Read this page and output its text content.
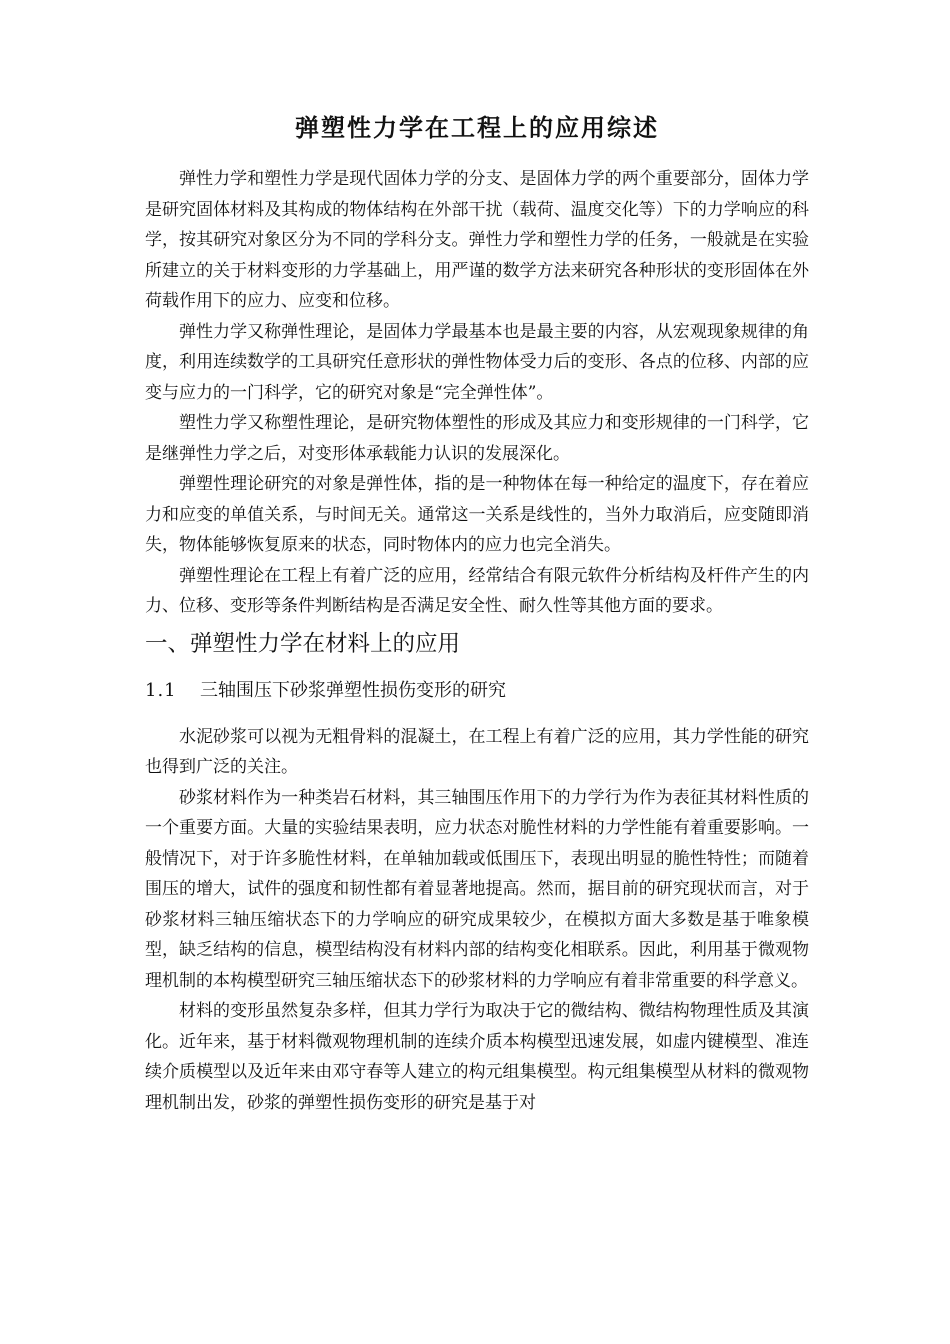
弹塑性力学在工程上的应用综述

弹性力学和塑性力学是现代固体力学的分支、是固体力学的两个重要部分，固体力学是研究固体材料及其构成的物体结构在外部干扰（载荷、温度交化等）下的力学响应的科学，按其研究对象区分为不同的学科分支。弹性力学和塑性力学的任务，一般就是在实验所建立的关于材料变形的力学基础上，用严谨的数学方法来研究各种形状的变形固体在外荷载作用下的应力、应变和位移。

弹性力学又称弹性理论，是固体力学最基本也是最主要的内容，从宏观现象规律的角度，利用连续数学的工具研究任意形状的弹性物体受力后的变形、各点的位移、内部的应变与应力的一门科学，它的研究对象是“完全弹性体”。

塑性力学又称塑性理论，是研究物体塑性的形成及其应力和变形规律的一门科学，它是继弹性力学之后，对变形体承载能力认识的发展深化。

弹塑性理论研究的对象是弹性体，指的是一种物体在每一种给定的温度下，存在着应力和应变的单值关系，与时间无关。通常这一关系是线性的，当外力取消后，应变随即消失，物体能够恢复原来的状态，同时物体内的应力也完全消失。

弹塑性理论在工程上有着广泛的应用，经常结合有限元软件分析结构及杆件产生的内力、位移、变形等条件判断结构是否满足安全性、耐久性等其他方面的要求。

一、弹塑性力学在材料上的应用
1.1 三轴围压下砂浆弹塑性损伤变形的研究

水泥砂浆可以视为无粗骨料的混凝土，在工程上有着广泛的应用，其力学性能的研究也得到广泛的关注。

砂浆材料作为一种类岩石材料，其三轴围压作用下的力学行为作为表征其材料性质的一个重要方面。大量的实验结果表明，应力状态对脆性材料的力学性能有着重要影响。一般情况下，对于许多脆性材料，在单轴加载或低围压下，表现出明显的脆性特性；而随着围压的增大，试件的强度和韧性都有着显著地提高。然而，据目前的研究现状而言，对于砂浆材料三轴压缩状态下的力学响应的研究成果较少，在模拟方面大多数是基于唯象模型，缺乏结构的信息，模型结构没有材料内部的结构变化相联系。因此，利用基于微观物理机制的本构模型研究三轴压缩状态下的砂浆材料的力学响应有着非常重要的科学意义。

材料的变形虽然复杂多样，但其力学行为取决于它的微结构、微结构物理性质及其演化。近年来，基于材料微观物理机制的连续介质本构模型迅速发展，如虚内键模型、准连续介质模型以及近年来由邓守春等人建立的构元组集模型。构元组集模型从材料的微观物理机制出发，砂浆的弹塑性损伤变形的研究是基于对
